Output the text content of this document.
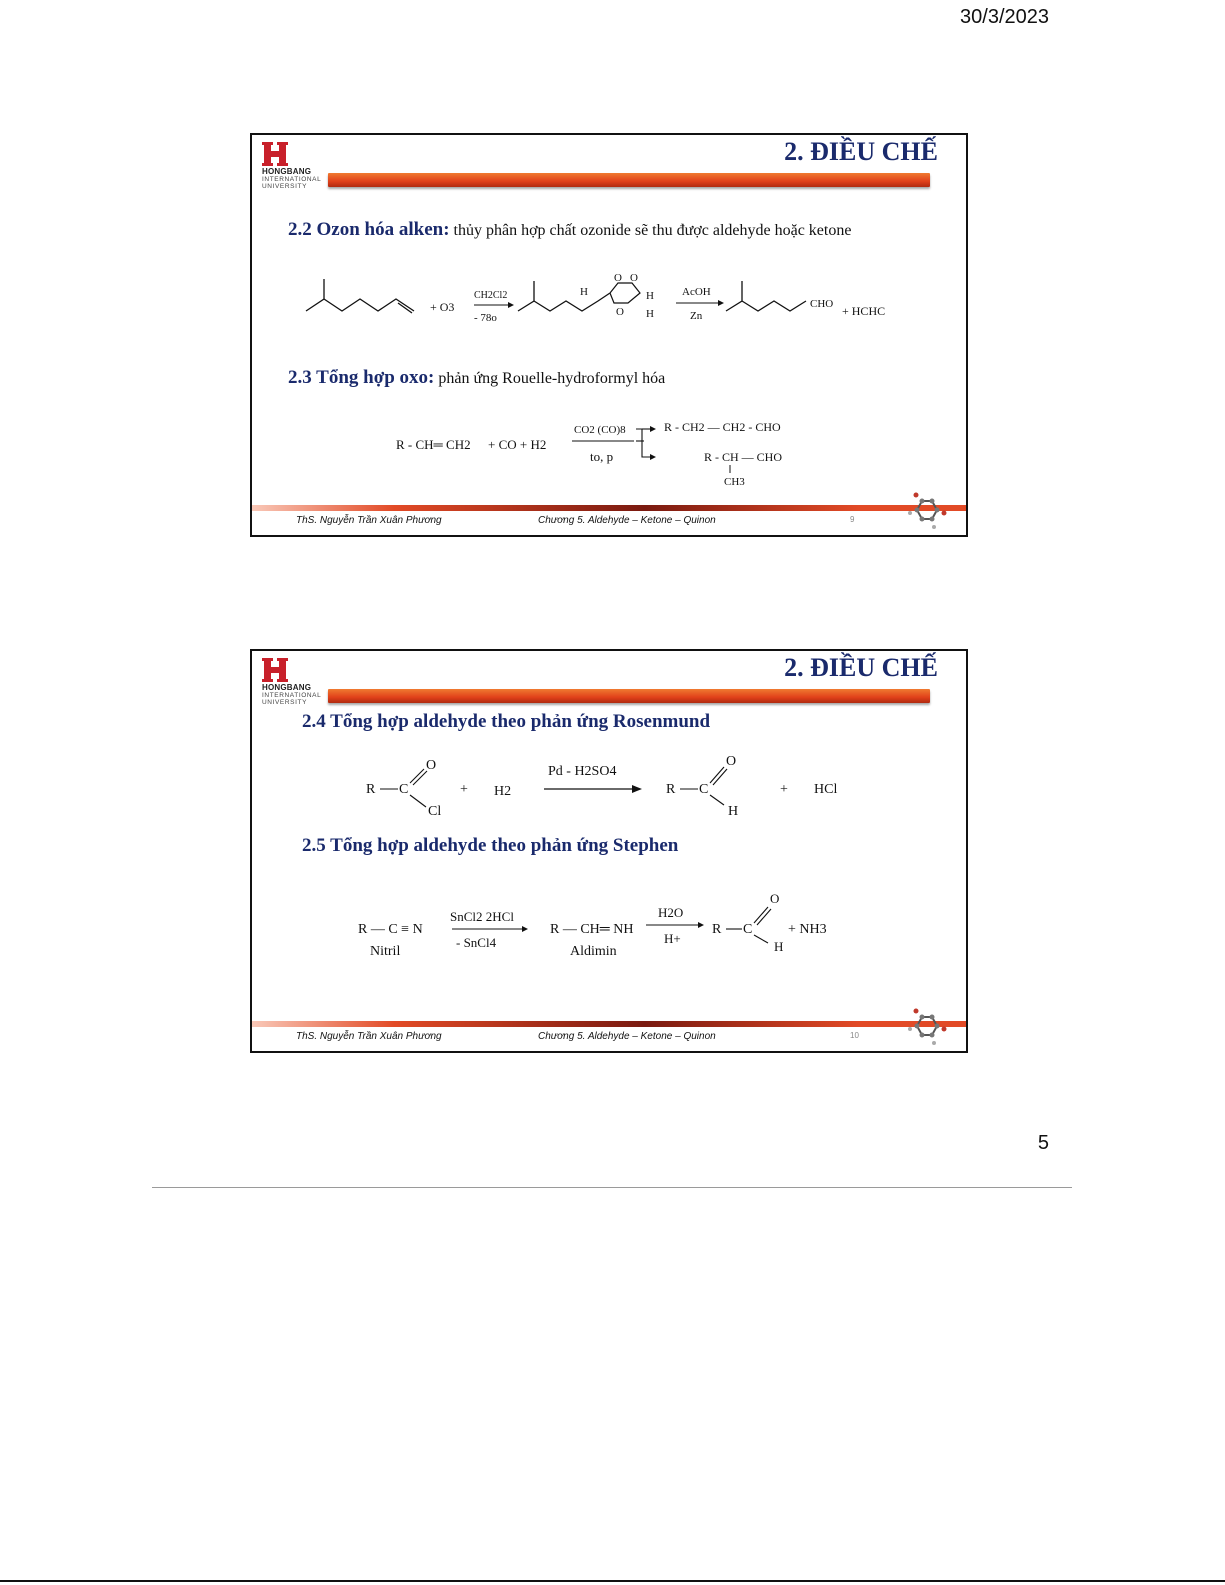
30/3/2023
HONGBANG
INTERNATIONAL
UNIVERSITY
2. ĐIỀU CHẾ
2.2 Ozon hóa alken: thủy phân hợp chất ozonide sẽ thu được aldehyde hoặc ketone
+ O3
CH2Cl2
- 78o
H
O O
O
H
H
AcOH
Zn
CHO + HCHC
2.3 Tổng hợp oxo: phản ứng Rouelle-hydroformyl hóa
R - CH═ CH2 + CO + H2
CO2 (CO)8
to, p
R - CH2 — CH2 - CHO
R - CH — CHO
CH3
ThS. Nguyễn Trần Xuân Phương	Chương 5. Aldehyde – Ketone – Quinon	9
HONGBANG
INTERNATIONAL
UNIVERSITY
2. ĐIỀU CHẾ
2.4 Tổng hợp aldehyde theo phản ứng Rosenmund
R C
O
Cl
+ H2
Pd - H2SO4
R C
O
H
+ HCl
2.5 Tổng hợp aldehyde theo phản ứng Stephen
R — C ≡ N
Nitril
SnCl2 2HCl
- SnCl4
R — CH═ NH
Aldimin
H2O
H+
R C
O
H
+ NH3
ThS. Nguyễn Trần Xuân Phương	Chương 5. Aldehyde – Ketone – Quinon	10
5
